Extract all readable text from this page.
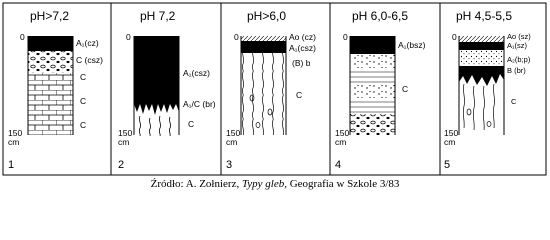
pH>7,2
0
150
cm
1
A₁(cz)
C (csz)
C
C
C
pH 7,2
0
150
cm
2
A₁(csz)
A₁/C (br)
C
pH>6,0
0
150
cm
3
Ao (cz)
A₁(csz)
(B) b
C
pH 6,0-6,5
0
150
cm
4
A₁(bsz)
C
pH 4,5-5,5
0
150
cm
5
Ao (sz)
A₁(sz)
A₂(b;p)
B (br)
C
Źródło: A. Zołnierz, Typy gleb, Geografia w Szkole 3/83
